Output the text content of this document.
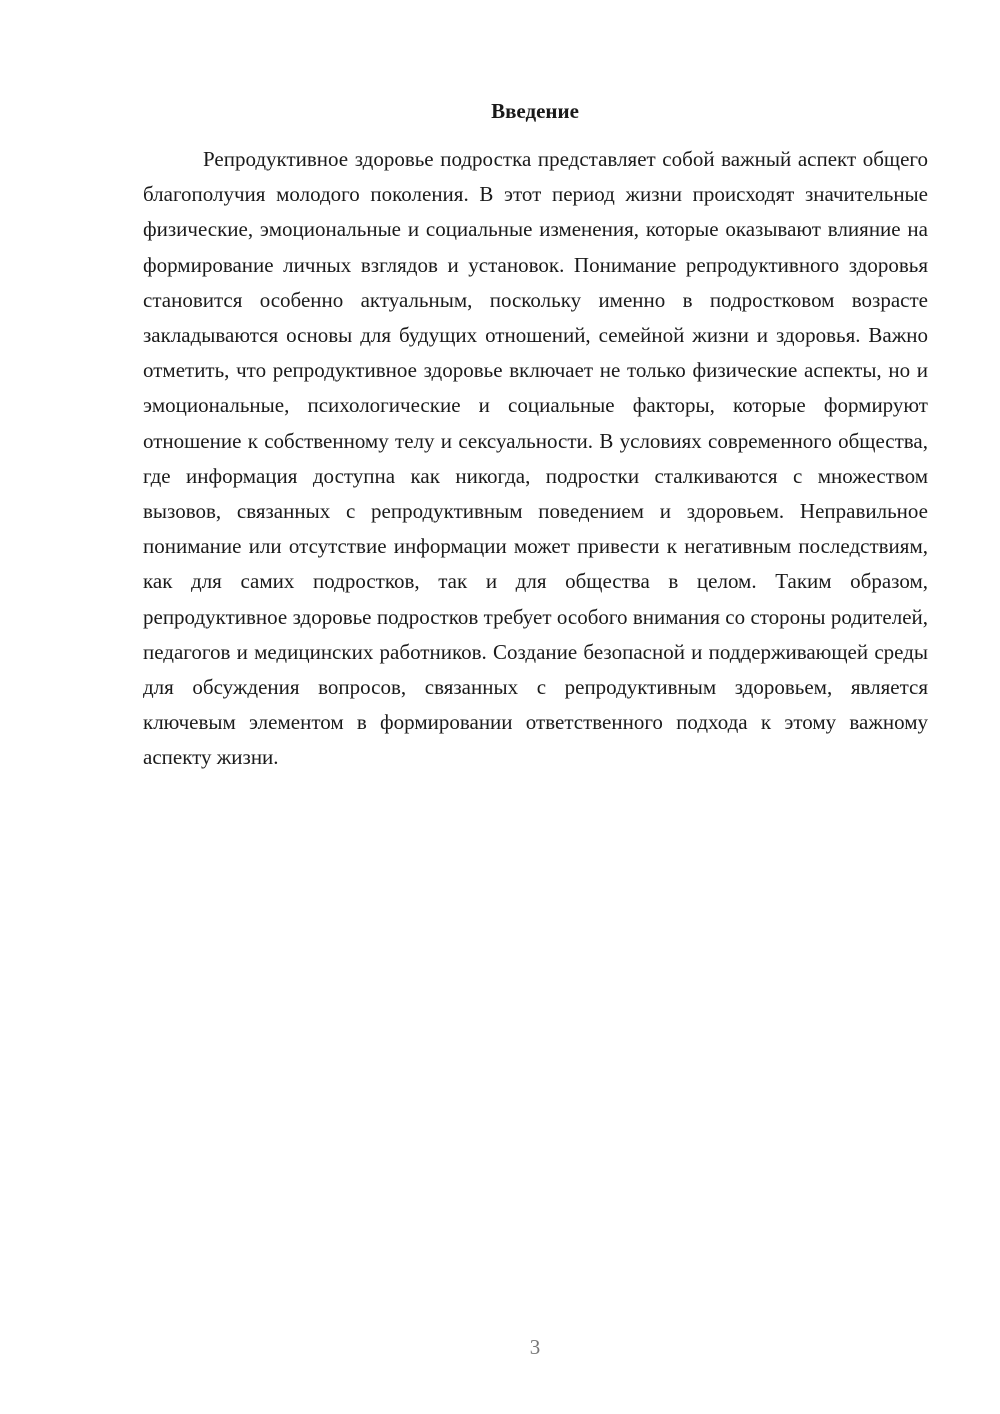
Введение

Репродуктивное здоровье подростка представляет собой важный аспект общего благополучия молодого поколения. В этот период жизни происходят значительные физические, эмоциональные и социальные изменения, которые оказывают влияние на формирование личных взглядов и установок. Понимание репродуктивного здоровья становится особенно актуальным, поскольку именно в подростковом возрасте закладываются основы для будущих отношений, семейной жизни и здоровья. Важно отметить, что репродуктивное здоровье включает не только физические аспекты, но и эмоциональные, психологические и социальные факторы, которые формируют отношение к собственному телу и сексуальности. В условиях современного общества, где информация доступна как никогда, подростки сталкиваются с множеством вызовов, связанных с репродуктивным поведением и здоровьем. Неправильное понимание или отсутствие информации может привести к негативным последствиям, как для самих подростков, так и для общества в целом. Таким образом, репродуктивное здоровье подростков требует особого внимания со стороны родителей, педагогов и медицинских работников. Создание безопасной и поддерживающей среды для обсуждения вопросов, связанных с репродуктивным здоровьем, является ключевым элементом в формировании ответственного подхода к этому важному аспекту жизни.

3
